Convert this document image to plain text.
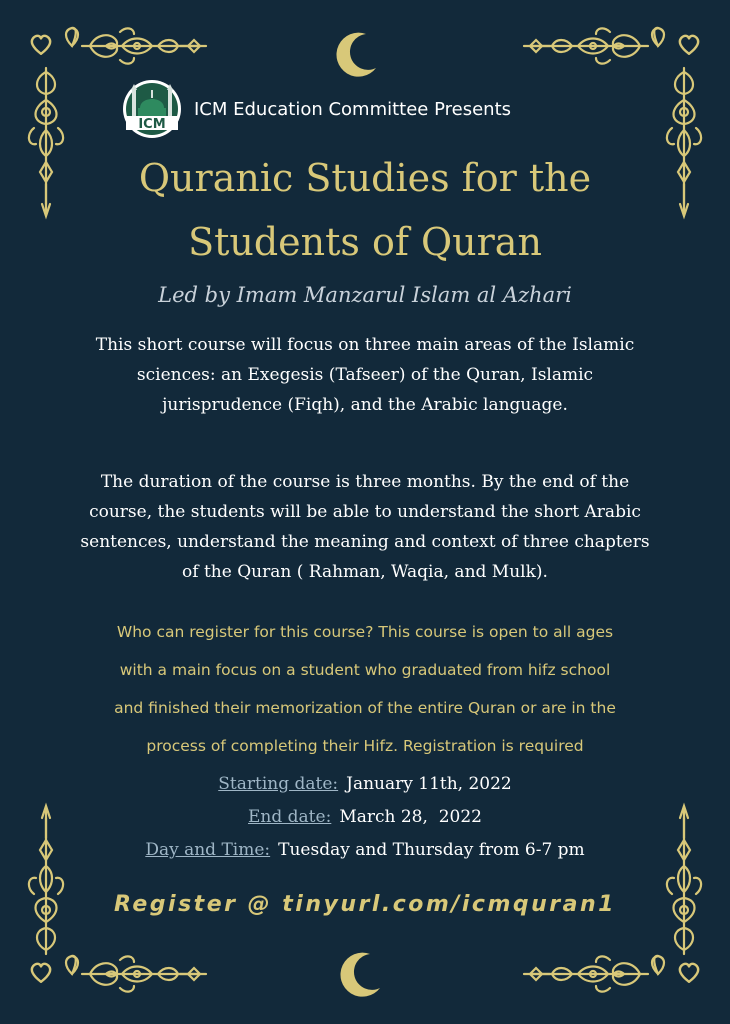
ICM
ICM Education Committee Presents
Quranic Studies for the
Students of Quran
Led by Imam Manzarul Islam al Azhari
This short course will focus on three main areas of the Islamic
sciences: an Exegesis (Tafseer) of the Quran, Islamic
jurisprudence (Fiqh), and the Arabic language.
The duration of the course is three months. By the end of the
course, the students will be able to understand the short Arabic
sentences, understand the meaning and context of three chapters
of the Quran ( Rahman, Waqia, and Mulk).
Who can register for this course? This course is open to all ages
with a main focus on a student who graduated from hifz school
and finished their memorization of the entire Quran or are in the
process of completing their Hifz. Registration is required
Starting date: January 11th, 2022
End date: March 28,  2022
Day and Time: Tuesday and Thursday from 6-7 pm
Register @ tinyurl.com/icmquran1
